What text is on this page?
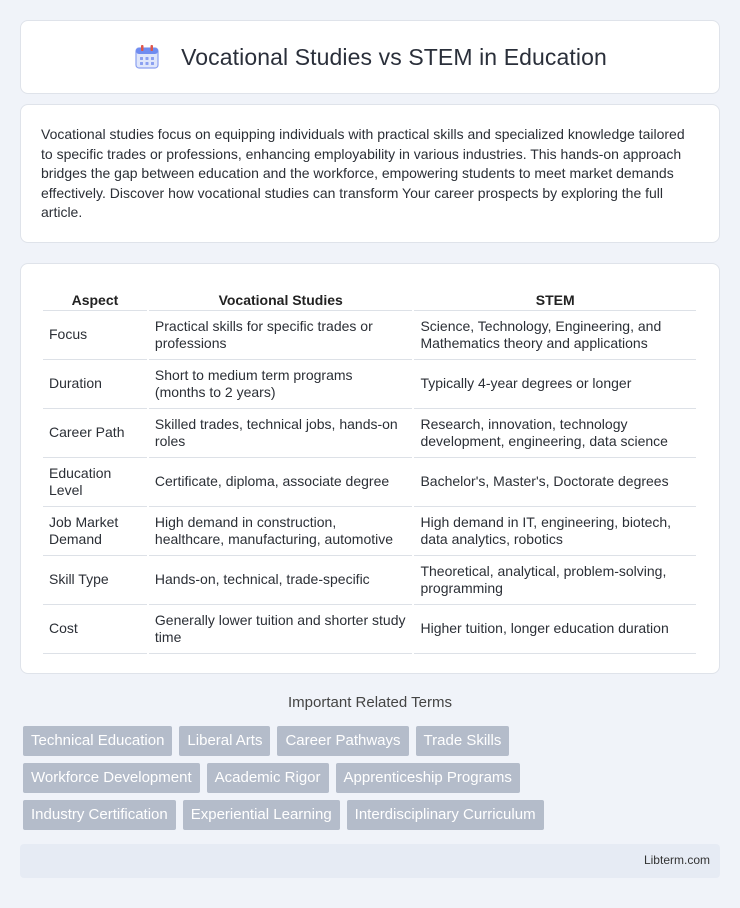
Vocational Studies vs STEM in Education

Vocational studies focus on equipping individuals with practical skills and specialized knowledge tailored to specific trades or professions, enhancing employability in various industries. This hands-on approach bridges the gap between education and the workforce, empowering students to meet market demands effectively. Discover how vocational studies can transform Your career prospects by exploring the full article.

Aspect	Vocational Studies	STEM
Focus	Practical skills for specific trades or professions	Science, Technology, Engineering, and Mathematics theory and applications
Duration	Short to medium term programs (months to 2 years)	Typically 4-year degrees or longer
Career Path	Skilled trades, technical jobs, hands-on roles	Research, innovation, technology development, engineering, data science
Education Level	Certificate, diploma, associate degree	Bachelor's, Master's, Doctorate degrees
Job Market Demand	High demand in construction, healthcare, manufacturing, automotive	High demand in IT, engineering, biotech, data analytics, robotics
Skill Type	Hands-on, technical, trade-specific	Theoretical, analytical, problem-solving, programming
Cost	Generally lower tuition and shorter study time	Higher tuition, longer education duration
Important Related Terms
Technical Education	Liberal Arts	Career Pathways	Trade Skills
Workforce Development	Academic Rigor	Apprenticeship Programs
Industry Certification	Experiential Learning	Interdisciplinary Curriculum
Libterm.com
